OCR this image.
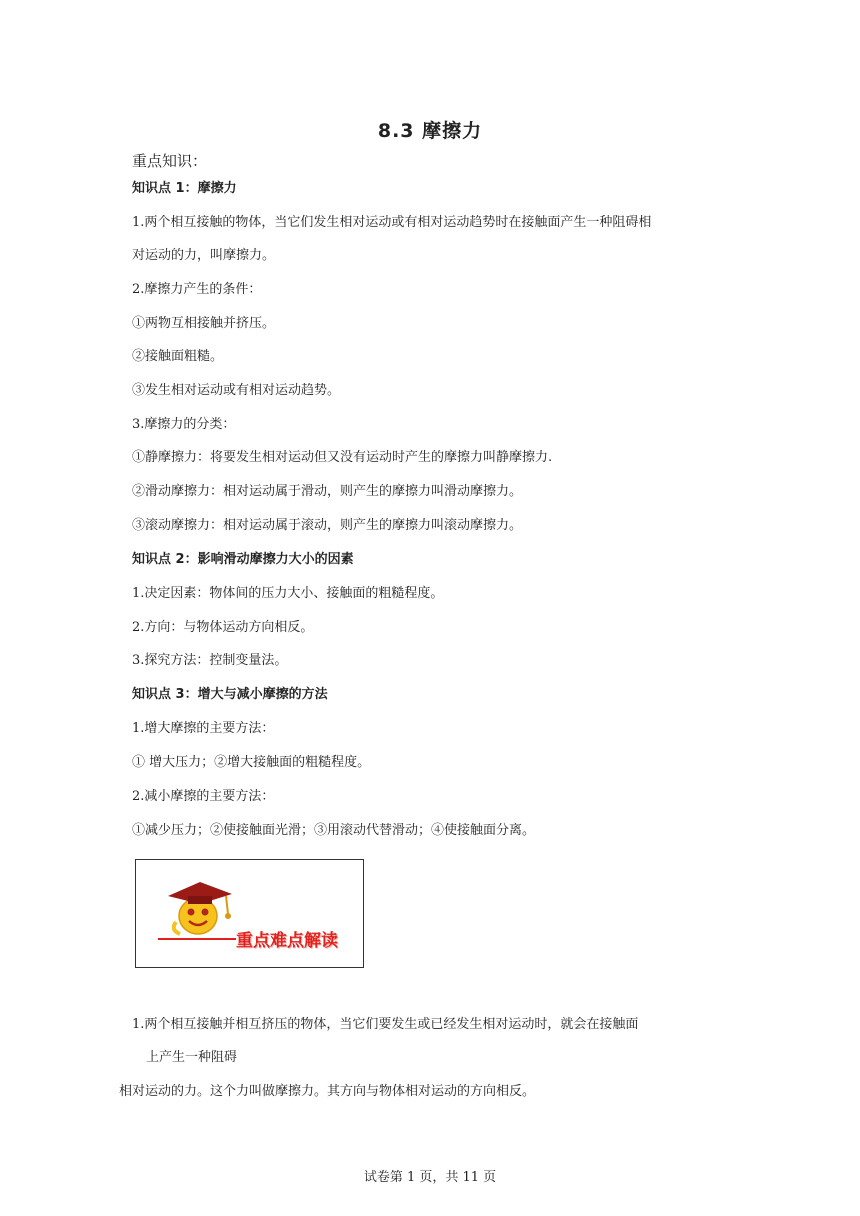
8.3 摩擦力
重点知识：
知识点 1：摩擦力
1.两个相互接触的物体，当它们发生相对运动或有相对运动趋势时在接触面产生一种阻碍相
对运动的力，叫摩擦力。
2.摩擦力产生的条件：
①两物互相接触并挤压。
②接触面粗糙。
③发生相对运动或有相对运动趋势。
3.摩擦力的分类：
①静摩擦力：将要发生相对运动但又没有运动时产生的摩擦力叫静摩擦力.
②滑动摩擦力：相对运动属于滑动，则产生的摩擦力叫滑动摩擦力。
③滚动摩擦力：相对运动属于滚动，则产生的摩擦力叫滚动摩擦力。
知识点 2：影响滑动摩擦力大小的因素
1.决定因素：物体间的压力大小、接触面的粗糙程度。
2.方向：与物体运动方向相反。
3.探究方法：控制变量法。
知识点 3：增大与减小摩擦的方法
1.增大摩擦的主要方法：
① 增大压力；②增大接触面的粗糙程度。
2.减小摩擦的主要方法：
①减少压力；②使接触面光滑；③用滚动代替滑动；④使接触面分离。
重点难点解读
1.两个相互接触并相互挤压的物体，当它们要发生或已经发生相对运动时，就会在接触面
上产生一种阻碍
相对运动的力。这个力叫做摩擦力。其方向与物体相对运动的方向相反。
试卷第 1 页，共 11 页
